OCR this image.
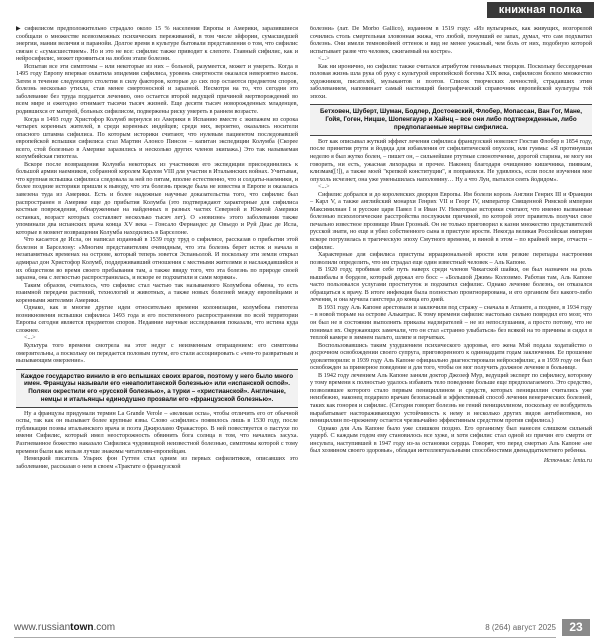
книжная полка

▶ сифилисом предположительно страдало около 15 % населения Европы и Америки, заразившиеся сообщали о множестве всевозможных психических переживаний, в том числе эйфории, сумасшедшей энергии, мании величия и паранойи. Долгое время в культуре бытовали представления о том, что сифилис связан с «сумасшествием». Но и это не все: сифилис также приводит к слепоте. Главный сифилис, как и нейросифилис, может проявиться на любом этапе болезни.

Испытав все эти симптомы – или некоторые из них – больной, разумеется, может и умереть. Когда в 1495 году Европу впервые охватила эпидемия сифилиса, уровень смертности оказался невероятно высок. Затем в течение следующего столетия в силу факторов, которые до сих пор остаются предметом споров, болезнь несколько утихла, став менее смертоносной и заразной. Несмотря на то, что сегодня это заболевание без труда поддается лечению, оно остается второй ведущей причиной мертворождений во всем мире и ежегодно отнимает тысячи тысяч жизней. Еще десяти тысяч новорожденных младенцев, родившихся от матерей, больных сифилисом, подвержены риску умереть в раннем возрасте.

Когда в 1493 году Христофор Колумб вернулся из Америки в Испанию вместе с экипажем из сорока четырех коренных жителей, в среди коренных индейцев; среди них, вероятно, оказались носители опасного штамма сифилиса. По которым историки считают, что нулевым пациентом последовавшей европейской вспышки сифилиса стал Мартин Алонсо Пинсон – капитан экспедиции Колумба (Скорее всего, стой болезнью в Америке заразились и несколько других членов экипажа.) Это так называемая колумбийская гипотеза.

Вскоре после возвращения Колумба некоторых из участников его экспедиции присоединились к большой армии наемников, собранной королем Карлом VIII для участия в Итальянских войнах. Учитывая, что крупная вспышка сифилиса следовала за ней по пятам, вполне естественно, что и солдаты-наемники, и более поздние историки пришли к выводу, что эта болезнь прежде была не известна в Европе и оказалась завезена туда из Америки. Есть и более надежные научные доказательства того, что сифилис был распространен в Америке еще до прибытия Колумба (это подтверждают характерные для сифилиса костные повреждения, обнаруженные на найденных в разных частях Северной и Южной Америки останках, возраст которых составляет несколько тысяч лет). О «новизне» этого заболевания также упоминали два испанских врача конца XV века – Гонсало Фернандес де Овьедо и Руй Диас де Исла, которые в момент возвращения Колумба находились в Барселоне.

Что касается де Исла, он написал изданный в 1539 году труд о сифилисе, рассказав о прибытии этой болезни в Барселону: «Многим представителям очевидным, что эта болезнь берет исток и начала в незапамятных временах на острове, который теперь зовется Эспаньолой. И поскольку эти земли открыл адмирал дон Христофор Колумб, поддерживавший отношения с местными жителями и наслаждавшийся и их обществом во время своего пребывания там, а также ввиду того, что эта болезнь по природе своей заразна, она с легкостью распространилась, и вскоре ее подхватили и сами моряки».

Таким образом, считалось, что сифилис стал частью так называемого Колумбова обмена, то есть взаимной передачи растений, технологий и животных, а также новых болезней между европейцами и коренными жителями Америки.

Однако, как и многие другие идеи относительно времени колонизации, колумбова гипотеза возникновения вспышки сифилиса 1493 года и его постепенного распространения по всей территории Европы сегодня является предметом споров. Недавние научные исследования показали, что истина куда сложнее.

<...>

Культура того времени смотрела на этот недуг с неизменным отвращением: его симптомы омерзительны, а поскольку он передается половым путем, его стали ассоциировать с «чем-то развратным и вызывающим омерзение».

Каждое государство винило в его вспышках своих врагов, поэтому у него было много имен. Французы называли его «неаполитанской болезнью» или «испанской оспой». Поляки окрестили его «русской болезнью», а турки – «христианской». Англичане, немцы и итальянцы единодушно прозвали его «французской болезнью».

Ну а французы придумали термин La Grande Verole – «великая оспа», чтобы отличить его от обычной оспы, так как он вызывает более крупные язвы. Слово «сифилис» появилось лишь в 1530 году, после публикации поэмы итальянского врача и поэта Джироламо Фракасторо. В ней повествуется о пастухе по имени Сифилис, который имел неосторожность обвинить бога солнца в том, что начались засуха. Разгневанное божество наказало Сифилиса чудовищной неизвестной болезнью, симптомы которой с тому времени были как нельзя лучше знакомы читателям-европейцам.

Немецкий писатель Ульрих фон Гуттен стал одним из первых сифилитиков, описавших это заболевание, рассказав о нем в своем «Трактате о французской

болезни» (лат. De Morbo Gallico), изданном в 1519 году: «Из вульгарных, как живущих, возгорелой сочились столь смертельная зловонная жижа, что любой, почувший ее запах, думал, что сам подхватил болезнь. Они имели темновойней оттенок и вид не менее ужасный, чем боль от них, подобную которой испытывает разве что человек, сжигаемый на костре».

<...>

Как ни иронично, но сифилис также считался атрибутом гениальных творцов. Поскольку бессердечная половая жизнь шла рука об руку с культурой европейской богемы XIX века, сифилисом болело множество художников, писателей, музыкантов и поэтов. Список творческих личностей, страдавших этим заболеванием, напоминает самый настоящий биографический справочник европейской культуры той эпохи.

Бетховен, Шуберт, Шуман, Бодлер, Достоевский, Флобер, Мопассан, Ван Гог, Мане, Гойя, Гоген, Ницше, Шопенгауэр и Хайнц – все они либо подтвержденные, либо предполагаемые жертвы сифилиса.

Вот как описывал жуткий эффект лечения сифилиса французский новелист Гюстав Флобер в 1854 году, после принятия ртути и йодида для избавления от сифилитической опухоли, или гуммы: «Я протянувши неделю я был жутко болен, – пишет он, – сильнейшие ртутные слюнотечение, дорогой старина, не могу ни говорить, ни есть, ужасная лихорадка и прочее. Наконец благодаря очищению кишечника, пиявкам, клизмам([!]), а также моей "крепкой конституции", я поправился. Не удивлюсь, если после изучения мое опухоль исчезнет, она уже уменьшилась наполовину… Ну а что Луи, пытался сеять йодидом».

<...>

Сифилис добрался и до королевских дворцов Европы. Им болели король Англии Генрих III и Франции – Карл V, а также английский монархи Генрих VII и Георг IV, император Священной Римской империи Максимилиан I и русские цари Павел I и Иван IV. Некоторые историки считают, что именно вызванные болезнью психологические расстройства послужили причиной, по которой этот правитель получил свое печально известное прозвище Иван Грозный. Он не только приговорил к казни множество представителей русской знати, но еще и убил собственного сына в приступе ярости. Некогда великая Российская империя вскоре погрузилась в трагическую эпоху Смутного времени, и виной в этом – по крайней мере, отчасти – сифилис.

Характерные для сифилиса приступы иррациональной ярости или резкие перепады настроения позволили определить, что им страдал еще один известный человек – Аль Капоне.

В 1920 году, пробивая себе путь наверх среди членов Чикагской шайки, он был назначен на роль вышибалы в борделе, который держал его босс – «Большой Джим» Колозимо. Работая там, Аль Капоне часто пользовался услугами проституток и подхватил сифилис. Однако лечение болезнь, он отказался обращаться к врачу. В итоге инфекция была полностью проигнорирована, и его организм без какого-либо лечения, и она мучила гангстера до конца его дней.

В 1931 году Аль Капоне арестовали и заключили под стражу – сначала в Атланте, а позднее, в 1934 году – в новой тюрьме на острове Алькатрас. К тому времени сифилис настолько сильно повредил его мозг, что он был не в состоянии выполнять приказы надзирателей – не из непослушания, а просто потому, что не понимал их. Окружающих замечали, что он стал «странно улыбаться» без всякой на то причины и сидел в теплой камере в зимнем пальто, шляпе и перчатках.

Воспользовавшись таким ухудшением психического здоровья, его жена Мэй подала ходатайство о досрочном освобождении своего супруга, приговоренного к одиннадцати годам заключения. Ее прошение удовлетворили: в 1939 году Аль Капоне официально диагностировали нейросифилис, а в 1939 году он был освобожден за примерное поведение и для того, чтобы он мог получить должное лечение в больнице.

В 1942 году лечением Аль Капоне заняли доктор Джозеф Мур, ведущий эксперт по сифилису, которому у тому времени к полностью удалось избавить тело поведение больше еще предполагаемого. Это средство, позволявшее которого стало первым пенициллином и средств, которых пенициллин считались уже неизбежно, наконец подарило врачам безопасный и эффективный способ лечения венерических болезней, таких как гонорея и сифилис. (Сегодня говорят болезнь не гений пенициллином, поскольку ее возбудитель вырабатывает настораживающую устойчивость к нему и несколько других видов антибиотиков, но пенициллин по-прежнему остается чрезвычайно эффективным средством против сифилиса.)

Однако для Аль Капоне было уже слишком поздно. Его организму был нанесен слишком сильный ущерб. С каждым годом ему становилось все хуже, и хотя сифилис стал одной из причин его смерти от инсульта, наступившей в 1947 году из-за остановки сердца. Говорят, что перед смертью Аль Капоне «не был хозяином своего здоровья», обладая интеллектуальными способностями двенадцатилетнего ребенка.

Источник: lenta.ru
www.russiantown.com	8 (264) август 2025	23
